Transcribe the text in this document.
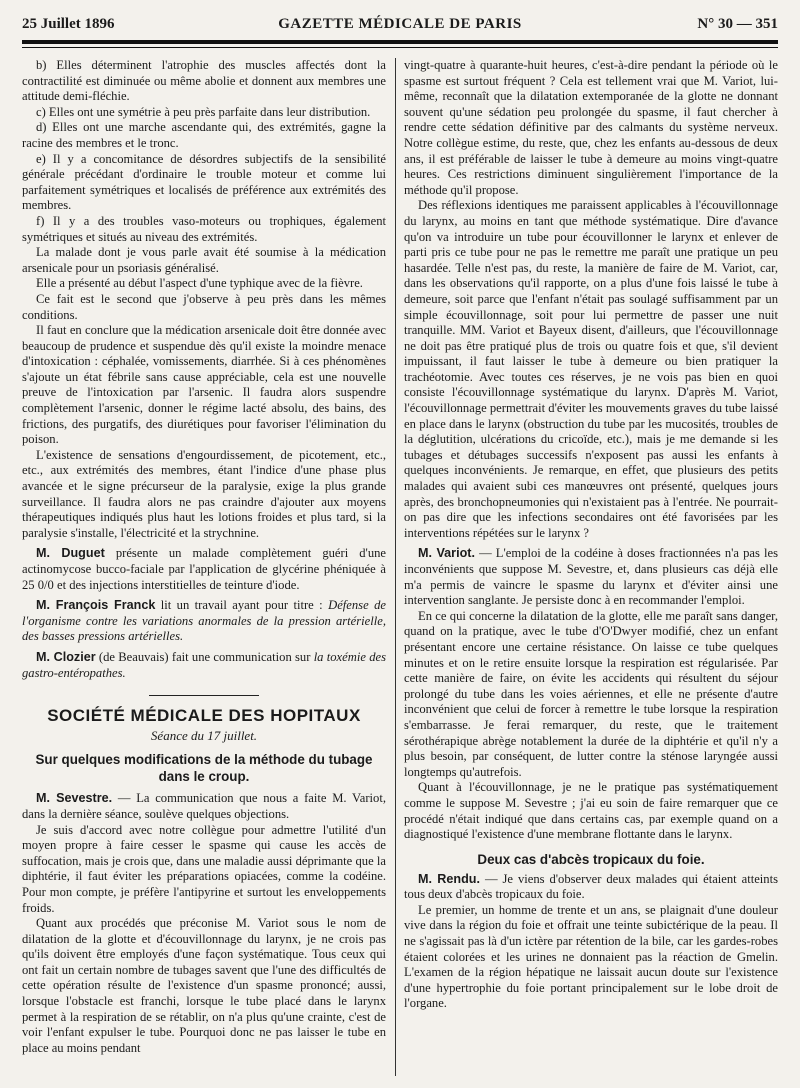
25 Juillet 1896	GAZETTE MÉDICALE DE PARIS	N° 30 — 351

b) Elles déterminent l'atrophie des muscles affectés dont la contractilité est diminuée ou même abolie et donnent aux membres une attitude demi-fléchie.

c) Elles ont une symétrie à peu près parfaite dans leur distribution.

d) Elles ont une marche ascendante qui, des extrémités, gagne la racine des membres et le tronc.

e) Il y a concomitance de désordres subjectifs de la sensibilité générale précédant d'ordinaire le trouble moteur et comme lui parfaitement symétriques et localisés de préférence aux extrémités des membres.

f) Il y a des troubles vaso-moteurs ou trophiques, également symétriques et situés au niveau des extrémités.

La malade dont je vous parle avait été soumise à la médication arsenicale pour un psoriasis généralisé.

Elle a présenté au début l'aspect d'une typhique avec de la fièvre.

Ce fait est le second que j'observe à peu près dans les mêmes conditions.

Il faut en conclure que la médication arsenicale doit être donnée avec beaucoup de prudence et suspendue dès qu'il existe la moindre menace d'intoxication : céphalée, vomissements, diarrhée. Si à ces phénomènes s'ajoute un état fébrile sans cause appréciable, cela est une nouvelle preuve de l'intoxication par l'arsenic. Il faudra alors suspendre complètement l'arsenic, donner le régime lacté absolu, des bains, des frictions, des purgatifs, des diurétiques pour favoriser l'élimination du poison.

L'existence de sensations d'engourdissement, de picotement, etc., etc., aux extrémités des membres, étant l'indice d'une phase plus avancée et le signe précurseur de la paralysie, exige la plus grande surveillance. Il faudra alors ne pas craindre d'ajouter aux moyens thérapeutiques indiqués plus haut les lotions froides et plus tard, si la paralysie s'installe, l'électricité et la strychnine.

M. Duguet présente un malade complètement guéri d'une actinomycose bucco-faciale par l'application de glycérine phéniquée à 25 0/0 et des injections interstitielles de teinture d'iode.

M. François Franck lit un travail ayant pour titre : Défense de l'organisme contre les variations anormales de la pression artérielle, des basses pressions artérielles.

M. Clozier (de Beauvais) fait une communication sur la toxémie des gastro-entéropathes.

SOCIÉTÉ MÉDICALE DES HOPITAUX
Séance du 17 juillet.
Sur quelques modifications de la méthode du tubage dans le croup.

M. Sevestre. — La communication que nous a faite M. Variot, dans la dernière séance, soulève quelques objections.

Je suis d'accord avec notre collègue pour admettre l'utilité d'un moyen propre à faire cesser le spasme qui cause les accès de suffocation, mais je crois que, dans une maladie aussi déprimante que la diphtérie, il faut éviter les préparations opiacées, comme la codéine. Pour mon compte, je préfère l'antipyrine et surtout les enveloppements froids.

Quant aux procédés que préconise M. Variot sous le nom de dilatation de la glotte et d'écouvillonnage du larynx, je ne crois pas qu'ils doivent être employés d'une façon systématique. Tous ceux qui ont fait un certain nombre de tubages savent que l'une des difficultés de cette opération résulte de l'existence d'un spasme prononcé; aussi, lorsque l'obstacle est franchi, lorsque le tube placé dans le larynx permet à la respiration de se rétablir, on n'a plus qu'une crainte, c'est de voir l'enfant expulser le tube. Pourquoi donc ne pas laisser le tube en place au moins pendant

vingt-quatre à quarante-huit heures, c'est-à-dire pendant la période où le spasme est surtout fréquent ? Cela est tellement vrai que M. Variot, lui-même, reconnaît que la dilatation extemporanée de la glotte ne donnant souvent qu'une sédation peu prolongée du spasme, il faut chercher à rendre cette sédation définitive par des calmants du système nerveux. Notre collègue estime, du reste, que, chez les enfants au-dessous de deux ans, il est préférable de laisser le tube à demeure au moins vingt-quatre heures. Ces restrictions diminuent singulièrement l'importance de la méthode qu'il propose.

Des réflexions identiques me paraissent applicables à l'écouvillonnage du larynx, au moins en tant que méthode systématique. Dire d'avance qu'on va introduire un tube pour écouvillonner le larynx et enlever de parti pris ce tube pour ne pas le remettre me paraît une pratique un peu hasardée. Telle n'est pas, du reste, la manière de faire de M. Variot, car, dans les observations qu'il rapporte, on a plus d'une fois laissé le tube à demeure, soit parce que l'enfant n'était pas soulagé suffisamment par un simple écouvillonnage, soit pour lui permettre de passer une nuit tranquille. MM. Variot et Bayeux disent, d'ailleurs, que l'écouvillonnage ne doit pas être pratiqué plus de trois ou quatre fois et que, s'il devient impuissant, il faut laisser le tube à demeure ou bien pratiquer la trachéotomie. Avec toutes ces réserves, je ne vois pas bien en quoi consiste l'écouvillonnage systématique du larynx. D'après M. Variot, l'écouvillonnage permettrait d'éviter les mouvements graves du tube laissé en place dans le larynx (obstruction du tube par les mucosités, troubles de la déglutition, ulcérations du cricoïde, etc.), mais je me demande si les tubages et détubages successifs n'exposent pas aussi les enfants à quelques inconvénients. Je remarque, en effet, que plusieurs des petits malades qui avaient subi ces manœuvres ont présenté, quelques jours après, des bronchopneumonies qui n'existaient pas à l'entrée. Ne pourrait-on pas dire que les infections secondaires ont été favorisées par les interventions répétées sur le larynx ?

M. Variot. — L'emploi de la codéine à doses fractionnées n'a pas les inconvénients que suppose M. Sevestre, et, dans plusieurs cas déjà elle m'a permis de vaincre le spasme du larynx et d'éviter ainsi une intervention sanglante. Je persiste donc à en recommander l'emploi.

En ce qui concerne la dilatation de la glotte, elle me paraît sans danger, quand on la pratique, avec le tube d'O'Dwyer modifié, chez un enfant présentant encore une certaine résistance. On laisse ce tube quelques minutes et on le retire ensuite lorsque la respiration est régularisée. Par cette manière de faire, on évite les accidents qui résultent du séjour prolongé du tube dans les voies aériennes, et elle ne présente d'autre inconvénient que celui de forcer à remettre le tube lorsque la respiration s'embarrasse. Je ferai remarquer, du reste, que le traitement sérothérapique abrège notablement la durée de la diphtérie et qu'il n'y a plus besoin, par conséquent, de lutter contre la sténose laryngée aussi longtemps qu'autrefois.

Quant à l'écouvillonnage, je ne le pratique pas systématiquement comme le suppose M. Sevestre ; j'ai eu soin de faire remarquer que ce procédé n'était indiqué que dans certains cas, par exemple quand on a diagnostiqué l'existence d'une membrane flottante dans le larynx.

Deux cas d'abcès tropicaux du foie.

M. Rendu. — Je viens d'observer deux malades qui étaient atteints tous deux d'abcès tropicaux du foie.

Le premier, un homme de trente et un ans, se plaignait d'une douleur vive dans la région du foie et offrait une teinte subictérique de la peau. Il ne s'agissait pas là d'un ictère par rétention de la bile, car les gardes-robes étaient colorées et les urines ne donnaient pas la réaction de Gmelin. L'examen de la région hépatique ne laissait aucun doute sur l'existence d'une hypertrophie du foie portant principalement sur le lobe droit de l'organe.
